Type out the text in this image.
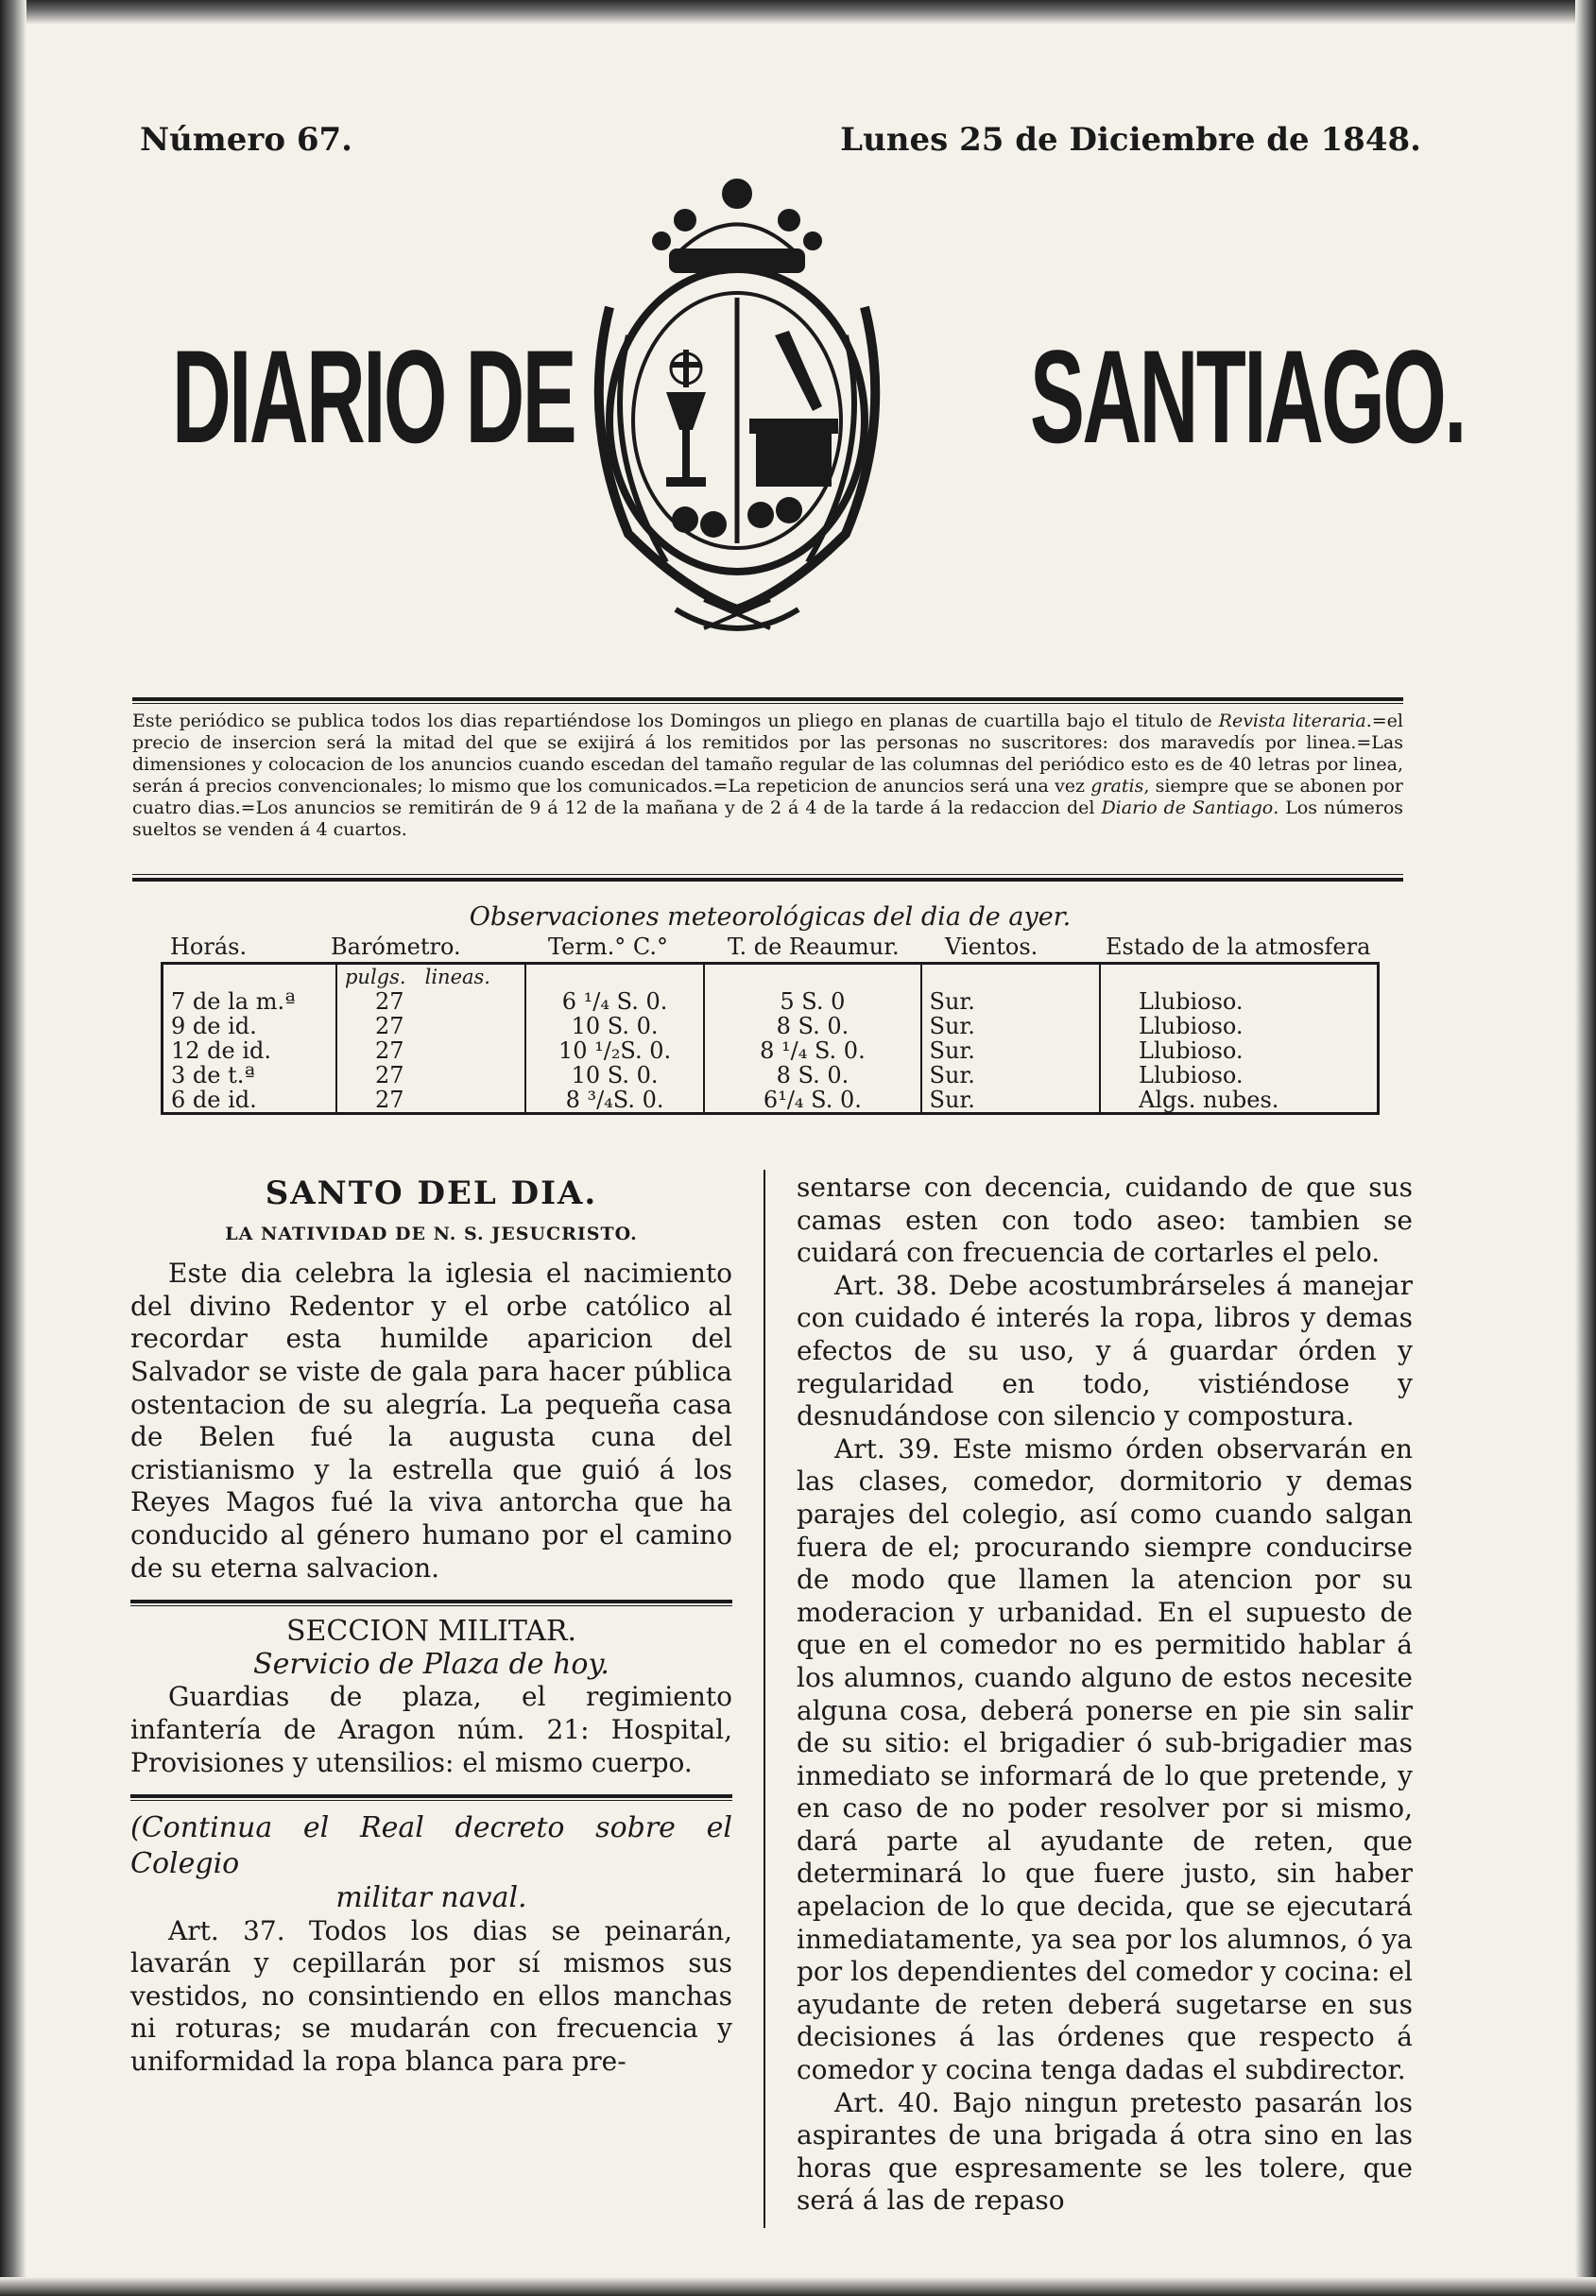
Número 67.	Lunes 25 de Diciembre de 1848.
DIARIO DE	SANTIAGO.
Este periódico se publica todos los dias repartiéndose los Domingos un pliego en planas de cuartilla bajo el titulo de Revista literaria.=el precio de insercion será la mitad del que se exijirá á los remitidos por las personas no suscritores: dos maravedís por linea.=Las dimensiones y colocacion de los anuncios cuando escedan del tamaño regular de las columnas del periódico esto es de 40 letras por linea, serán á precios convencionales; lo mismo que los comunicados.=La repeticion de anuncios será una vez gratis, siempre que se abonen por cuatro dias.=Los anuncios se remitirán de 9 á 12 de la mañana y de 2 á 4 de la tarde á la redaccion del Diario de Santiago. Los números sueltos se venden á 4 cuartos.
Observaciones meteorológicas del dia de ayer.
Horás.	Barómetro.	Term.° C.°	T. de Reaumur.	Vientos.	Estado de la atmosfera
	pulgs. lineas.				
7 de la m.ª	27	6 ¹/₄ S. 0.	5 S. 0	Sur.	Llubioso.
9 de id.	27	10 S. 0.	8 S. 0.	Sur.	Llubioso.
12 de id.	27	10 ¹/₂S. 0.	8 ¹/₄ S. 0.	Sur.	Llubioso.
3 de t.ª	27	10 S. 0.	8 S. 0.	Sur.	Llubioso.
6 de id.	27	8 ³/₄S. 0.	6¹/₄ S. 0.	Sur.	Algs. nubes.
SANTO DEL DIA.
LA NATIVIDAD DE N. S. JESUCRISTO.

Este dia celebra la iglesia el nacimiento del divino Redentor y el orbe católico al recordar esta humilde aparicion del Salvador se viste de gala para hacer pública ostentacion de su alegría. La pequeña casa de Belen fué la augusta cuna del cristianismo y la estrella que guió á los Reyes Magos fué la viva antorcha que ha conducido al género humano por el camino de su eterna salvacion.

SECCION MILITAR.
Servicio de Plaza de hoy.

Guardias de plaza, el regimiento infantería de Aragon núm. 21: Hospital, Provisiones y utensilios: el mismo cuerpo.

(Continua el Real decreto sobre el Colegio
militar naval.

Art. 37. Todos los dias se peinarán, lavarán y cepillarán por sí mismos sus vestidos, no consintiendo en ellos manchas ni roturas; se mudarán con frecuencia y uniformidad la ropa blanca para pre-

sentarse con decencia, cuidando de que sus camas esten con todo aseo: tambien se cuidará con frecuencia de cortarles el pelo.

Art. 38. Debe acostumbrárseles á manejar con cuidado é interés la ropa, libros y demas efectos de su uso, y á guardar órden y regularidad en todo, vistiéndose y desnudándose con silencio y compostura.

Art. 39. Este mismo órden observarán en las clases, comedor, dormitorio y demas parajes del colegio, así como cuando salgan fuera de el; procurando siempre conducirse de modo que llamen la atencion por su moderacion y urbanidad. En el supuesto de que en el comedor no es permitido hablar á los alumnos, cuando alguno de estos necesite alguna cosa, deberá ponerse en pie sin salir de su sitio: el brigadier ó sub-brigadier mas inmediato se informará de lo que pretende, y en caso de no poder resolver por si mismo, dará parte al ayudante de reten, que determinará lo que fuere justo, sin haber apelacion de lo que decida, que se ejecutará inmediatamente, ya sea por los alumnos, ó ya por los dependientes del comedor y cocina: el ayudante de reten deberá sugetarse en sus decisiones á las órdenes que respecto á comedor y cocina tenga dadas el subdirector.

Art. 40. Bajo ningun pretesto pasarán los aspirantes de una brigada á otra sino en las horas que espresamente se les tolere, que será á las de repaso
